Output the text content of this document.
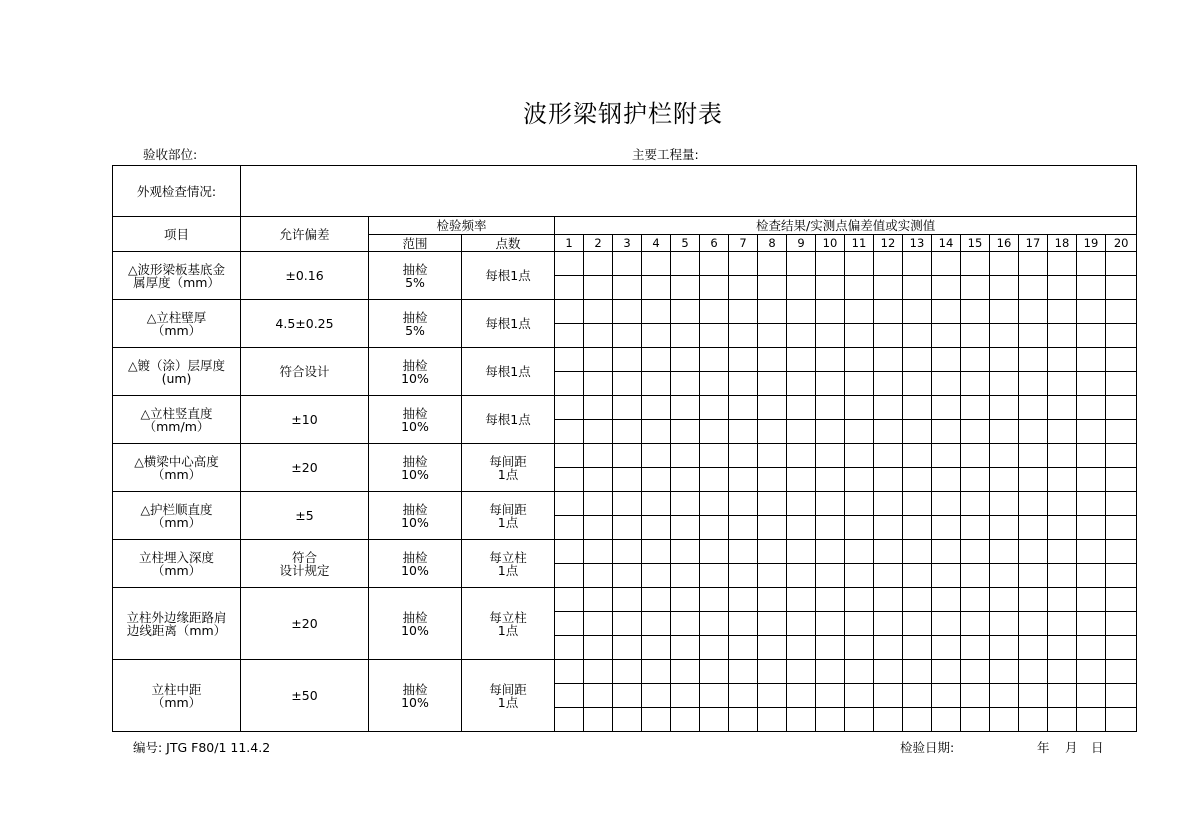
波形梁钢护栏附表
验收部位:	主要工程量:
外观检查情况:																							
项目	允许偏差	检验频率		检查结果/实测点偏差值或实测值																			
		范围	点数	1	2	3	4	5	6	7	8	9	10	11	12	13	14	15	16	17	18	19	20

△波形梁板基底金
属厚度（mm）	±0.16	抽检
5%	每根1点																				

△立柱壁厚
（mm）	4.5±0.25	抽检
5%	每根1点																				

△镀（涂）层厚度
(um)	符合设计	抽检
10%	每根1点																				

△立柱竖直度
（mm/m）	±10	抽检
10%	每根1点																				

△横梁中心高度
（mm）	±20	抽检
10%	每间距
1点																				

△护栏顺直度
（mm）	±5	抽检
10%	每间距
1点																				

立柱埋入深度
（mm）	符合
设计规定	抽检
10%	每立柱
1点																				

立柱外边缘距路肩
边线距离（mm）	±20	抽检
10%	每立柱
1点																				

立柱中距
（mm）	±50	抽检
10%	每间距
1点																				

编号: JTG F80/1 11.4.2	检验日期:	年 月 日
